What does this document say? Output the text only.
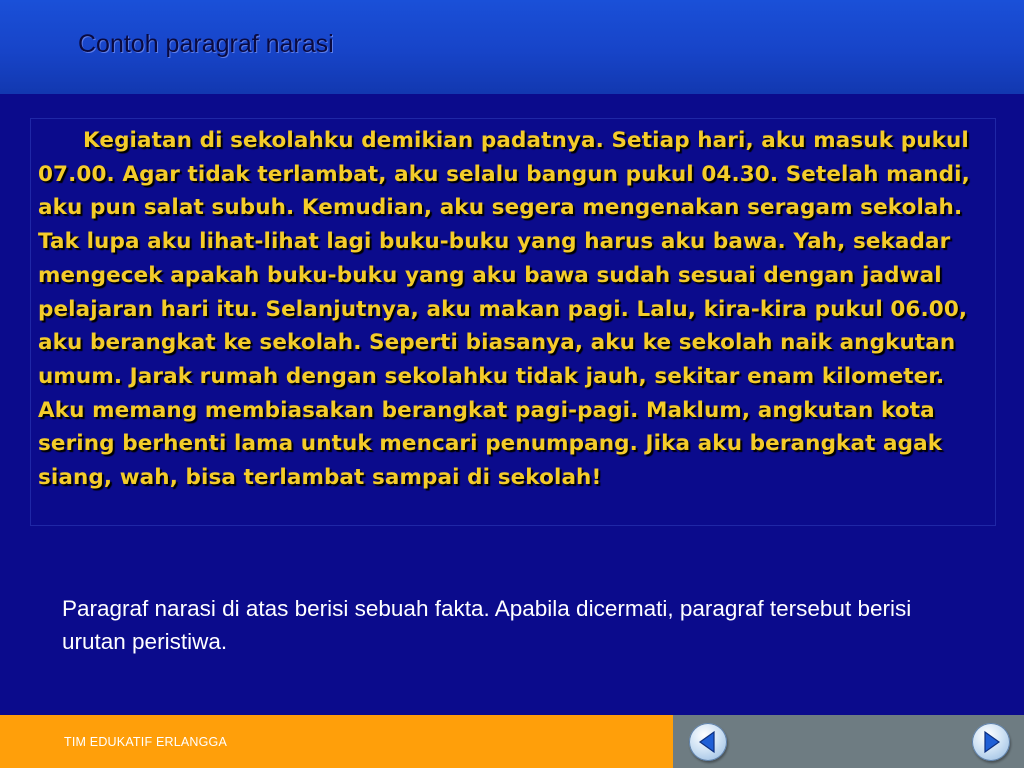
Contoh paragraf narasi

Kegiatan di sekolahku demikian padatnya. Setiap hari, aku masuk pukul 07.00. Agar tidak terlambat, aku selalu bangun pukul 04.30. Setelah mandi, aku pun salat subuh. Kemudian, aku segera mengenakan seragam sekolah. Tak lupa aku lihat-lihat lagi buku-buku yang harus aku bawa. Yah, sekadar mengecek apakah buku-buku yang aku bawa sudah sesuai dengan jadwal pelajaran hari itu. Selanjutnya, aku makan pagi. Lalu, kira-kira pukul 06.00, aku berangkat ke sekolah. Seperti biasanya, aku ke sekolah naik angkutan umum. Jarak rumah dengan sekolahku tidak jauh, sekitar enam kilometer. Aku memang membiasakan berangkat pagi-pagi. Maklum, angkutan kota sering berhenti lama untuk mencari penumpang. Jika aku berangkat agak siang, wah, bisa terlambat sampai di sekolah!

Paragraf narasi di atas berisi sebuah fakta. Apabila dicermati, paragraf tersebut berisi urutan peristiwa.

TIM EDUKATIF ERLANGGA
